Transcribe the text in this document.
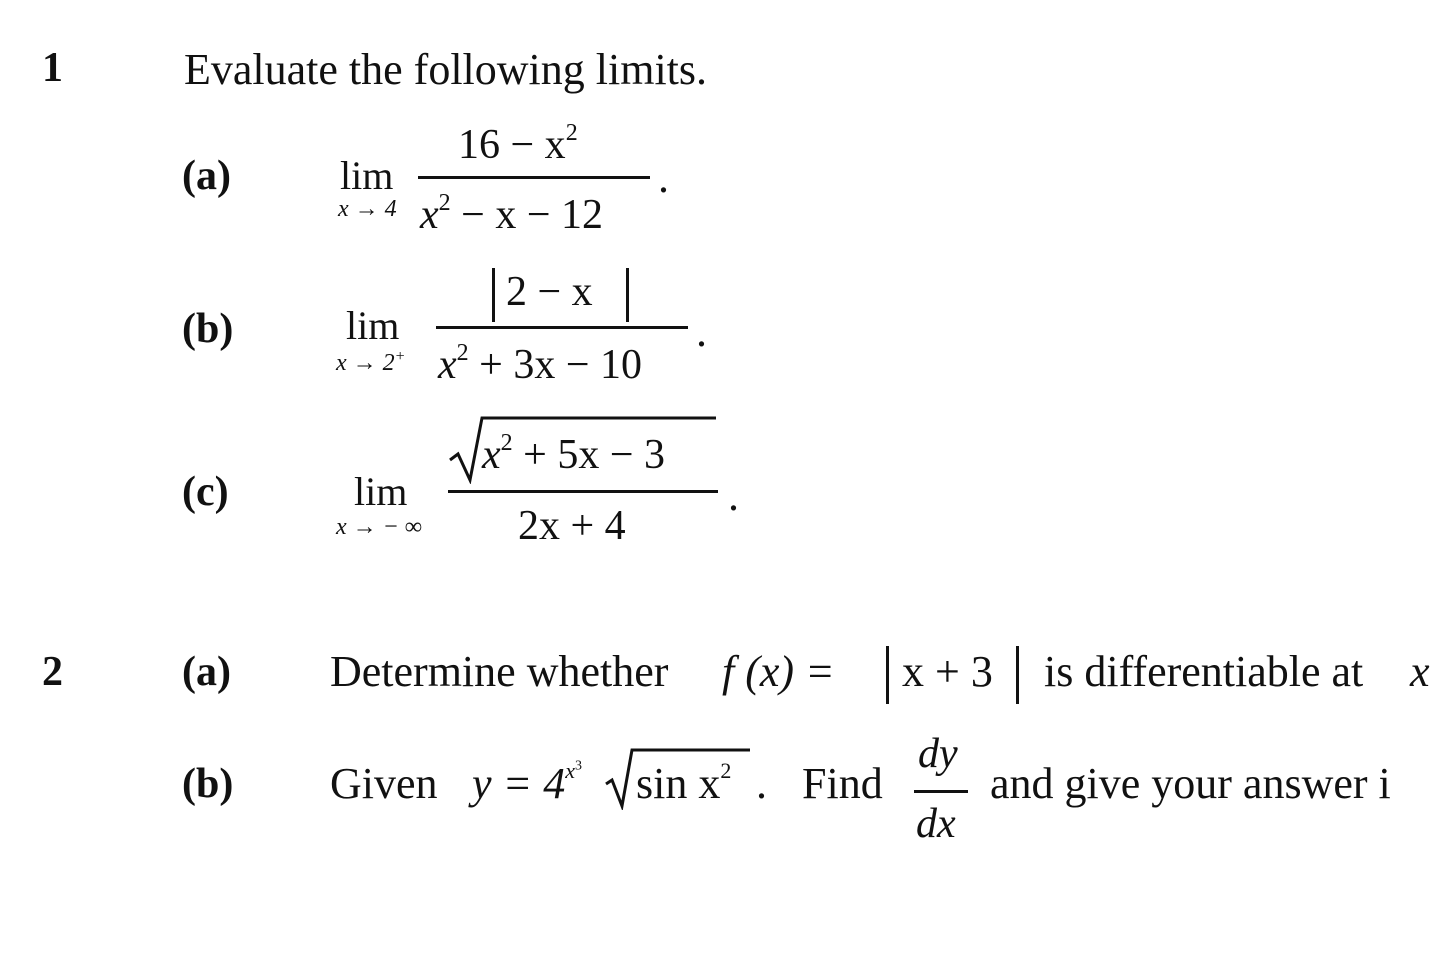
1	Evaluate the following limits.
(a)	lim
x → 4
$16 - x^2$
$x^2 - x - 12$
.
(b)	lim
x → 2+
2 − x
$x^2 + 3x - 10$
.
(c)	lim
x → − ∞
$x^2 + 5x - 3$
2x + 4
.
2	(a) Determine whether f (x) = x + 3 is differentiable at x
(b) Given $y = 4^{x^3}$ $\sin x^2$ . Find
dy
dx
and give your answer i
